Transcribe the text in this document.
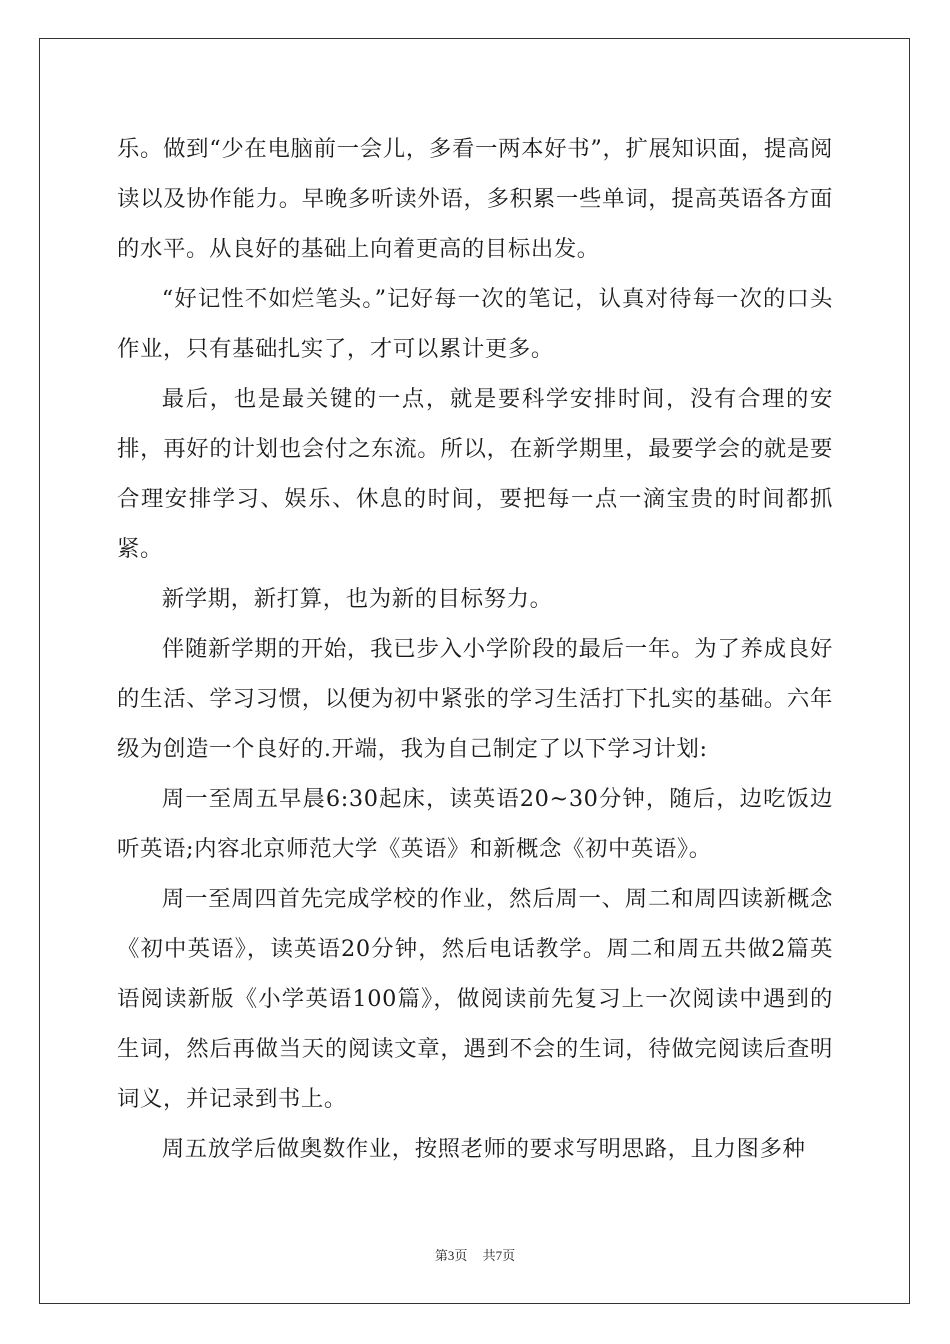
乐。做到“少在电脑前一会儿，多看一两本好书”，扩展知识面，提高阅读以及协作能力。早晚多听读外语，多积累一些单词，提高英语各方面的水平。从良好的基础上向着更高的目标出发。

“好记性不如烂笔头。”记好每一次的笔记，认真对待每一次的口头作业，只有基础扎实了，才可以累计更多。

最后，也是最关键的一点，就是要科学安排时间，没有合理的安排，再好的计划也会付之东流。所以，在新学期里，最要学会的就是要合理安排学习、娱乐、休息的时间，要把每一点一滴宝贵的时间都抓紧。

新学期，新打算，也为新的目标努力。

伴随新学期的开始，我已步入小学阶段的最后一年。为了养成良好的生活、学习习惯，以便为初中紧张的学习生活打下扎实的基础。六年级为创造一个良好的.开端，我为自己制定了以下学习计划:

周一至周五早晨6:30起床，读英语20~30分钟，随后，边吃饭边听英语;内容北京师范大学《英语》和新概念《初中英语》。

周一至周四首先完成学校的作业，然后周一、周二和周四读新概念《初中英语》，读英语20分钟，然后电话教学。周二和周五共做2篇英语阅读新版《小学英语100篇》，做阅读前先复习上一次阅读中遇到的生词，然后再做当天的阅读文章，遇到不会的生词，待做完阅读后查明词义，并记录到书上。

周五放学后做奥数作业，按照老师的要求写明思路，且力图多种

第3页 共7页
